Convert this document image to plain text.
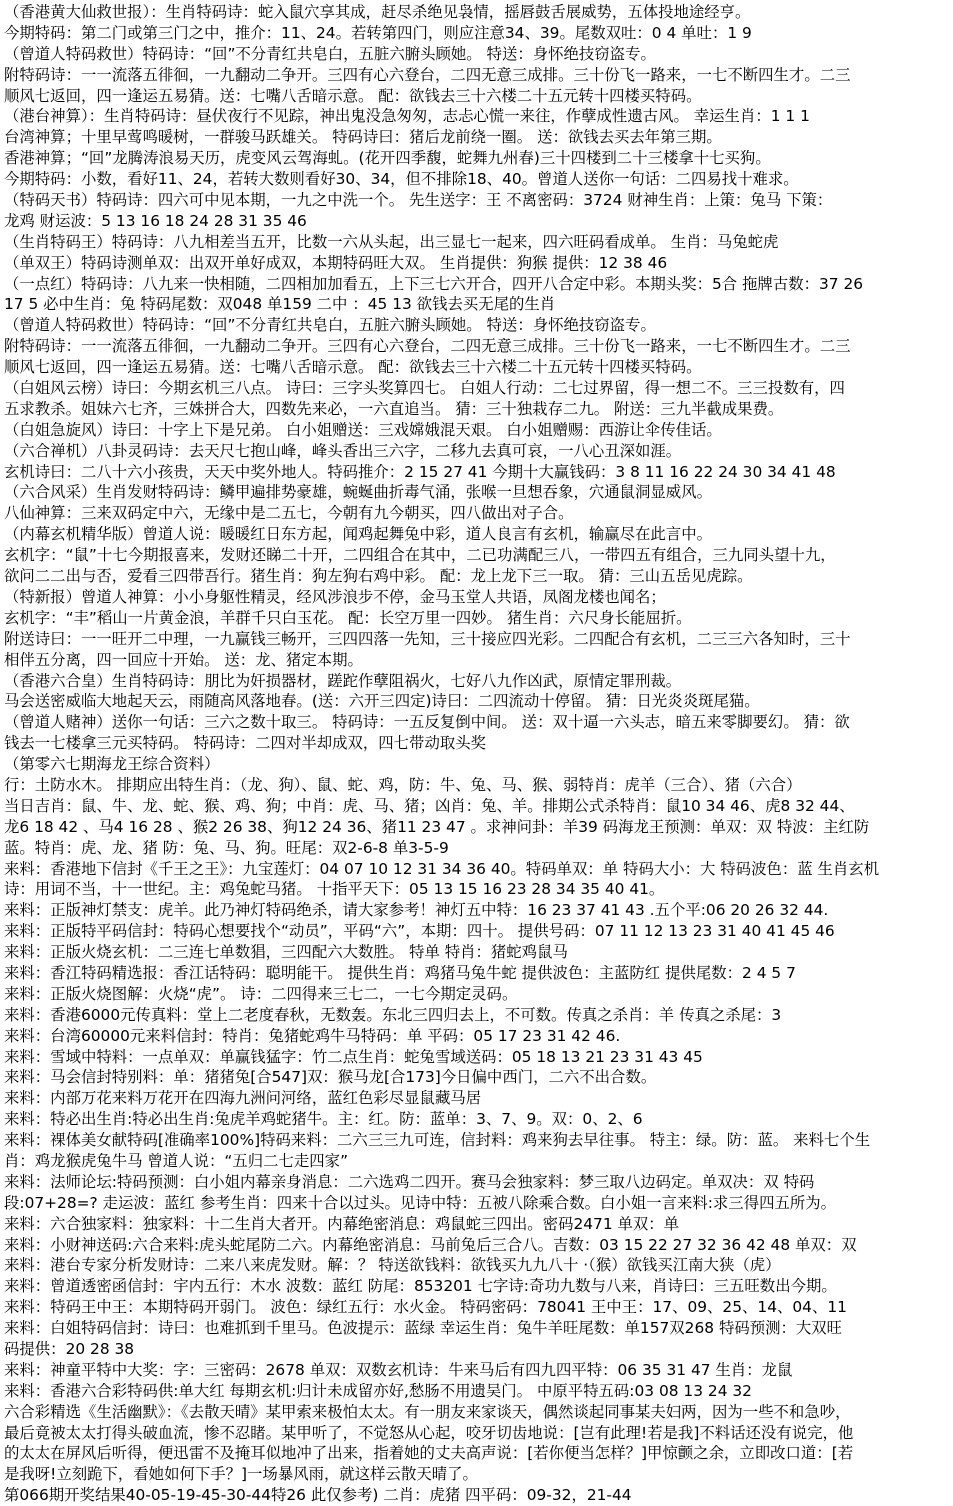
（香港黄大仙救世报）：生肖特码诗：蛇入鼠穴享其成，赶尽杀绝见袅情，摇唇鼓舌展威势，五体投地途经亨。
今期特码：第二门或第三门之中，推介：11、24。若转第四门，则应注意34、39。尾数双吐：0 4 单吐：1 9
（曾道人特码救世）特码诗：“回”不分青红共皂白，五脏六腑头顾她。 特送：身怀绝技窃盗专。
附特码诗：一一流落五徘徊，一九翻动二争开。三四有心六登台，二四无意三成排。三十份飞一路来，一七不断四生才。二三
顺风七返回，四一逢运五易猜。送：七嘴八舌暗示意。 配：欲钱去三十六楼二十五元转十四楼买特码。
（港台神算）：生肖特码诗：昼伏夜行不见踪，神出鬼没急匆匆，志忐心慌一来往，作孽成性遗古风。 幸运生肖：1 1 1
台湾神算；十里早莺鸣暖树，一群骏马跃雄关。 特码诗曰：猪后龙前绕一圈。 送：欲钱去买去年第三期。
香港神算；“回”龙腾涛浪易天历，虎变风云驾海虬。(花开四季馥，蛇舞九州春)三十四楼到二十三楼拿十七买狗。
今期特码：小数，看好11、24，若转大数则看好30、34，但不排除18、40。曾道人送你一句话：二四易找十难求。
（特码天书）特码诗：四六可中见本期，一九之中洗一个。 先生送字：王 不离密码：3724 财神生肖：上策：兔马 下策：
龙鸡 财运波：5 13 16 18 24 28 31 35 46
（生肖特码王）特码诗：八九相差当五开，比数一六从头起，出三显七一起来，四六旺码看成单。 生肖：马兔蛇虎
（单双王）特码诗测单双：出双开单好成双，本期特码旺大双。 生肖提供：狗猴 提供：12 38 46
（一点红）特码诗：八九来一快相随，二四相加加看五，上下三七六开合，四开八合定中彩。本期头奖：5合 拖牌古数：37 26
17 5 必中生肖：兔 特码尾数：双048 单159 二中 ：45 13 欲钱去买无尾的生肖
（曾道人特码救世）特码诗：“回”不分青红共皂白，五脏六腑头顾她。 特送：身怀绝技窃盗专。
附特码诗：一一流落五徘徊，一九翻动二争开。三四有心六登台，二四无意三成排。三十份飞一路来，一七不断四生才。二三
顺风七返回，四一逢运五易猜。送：七嘴八舌暗示意。 配：欲钱去三十六楼二十五元转十四楼买特码。
（白姐风云榜）诗曰：今期玄机三八点。 诗曰：三字头奖算四七。 白姐人行动：二七过界留，得一想二不。三三投数有，四
五求教杀。姐妹六七齐，三姝拼合大，四数先来必，一六直追当。 猜：三十独栽存二九。 附送：三九半截成果费。
（白姐急旋风）诗曰：十字上下是兄弟。 白小姐赠送：三戏嫦娥混天艰。 白小姐赠赐：西游让伞传佳话。
（六合禅机）八卦灵码诗：去天尺七抱山峰，峰头香出三六字，二移九去真可哀，一八心丑深如涯。
玄机诗曰：二八十六小孩贵，天天中奖外地人。特码推介：2 15 27 41 今期十大赢钱码：3 8 11 16 22 24 30 34 41 48
（六合风采）生肖发财特码诗：鳞甲遍排势豪雄，蜿蜒曲折毒气涌，张喉一旦想吞象，穴通鼠洞显威风。
八仙神算：三来双码定中六，无缘中是二五七，今朝有九今朝买，四八做出对子合。
（内幕玄机精华版）曾道人说：暖暖红日东方起，闻鸡起舞兔中彩，道人良言有玄机，输赢尽在此言中。
玄机字：“鼠”十七今期报喜来，发财还睇二十开，二四组合在其中，二已功满配三八，一带四五有组合，三九同头望十九，
欲问二二出与否，爱看三四带吾行。猪生肖：狗左狗右鸡中彩。 配：龙上龙下三一取。 猜：三山五岳见虎踪。
（特新报）曾道人神算：小小身躯性精灵，经风涉浪步不停，金马玉堂人共语，凤阁龙楼也闻名；
玄机字：“丰”稻山一片黄金浪，羊群千只白玉花。 配：长空万里一四妙。 猪生肖：六尺身长能屈折。
附送诗曰：一一旺开二中理，一九赢钱三畅开，三四四落一先知，三十接应四光彩。二四配合有玄机，二三三六各知时，三十
相伴五分离，四一回应十开始。 送：龙、猪定本期。
（香港六合皇）生肖特码诗：朋比为奸损器材，蹉跎作孽阻祸火，七好八九作凶武，原情定罪刑裁。
马会送密威临大地起天云，雨随高风落地春。(送：六开三四定)诗曰：二四流动十停留。 猜：日光炎炎斑尾猫。
（曾道人赌神）送你一句话：三六之数十取三。 特码诗：一五反复倒中间。 送：双十逼一六头志，暗五来零脚要幻。 猜：欲
钱去一七楼拿三元买特码。 特码诗：二四对半却成双，四七带动取头奖
（第零六七期海龙王综合资料）
行：土防水木。 排期应出特生肖：（龙、狗）、鼠、蛇、鸡，防：牛、兔、马、猴、弱特肖：虎羊（三合）、猪（六合）
当日吉肖：鼠、牛、龙、蛇、猴、鸡、狗；中肖：虎、马、猪；凶肖：兔、羊。排期公式杀特肖：鼠10 34 46、虎8 32 44、
龙6 18 42 、马4 16 28 、猴2 26 38、狗12 24 36、猪11 23 47 。求神问卦：羊39 码海龙王预测：单双：双 特波：主红防
蓝。特肖：虎、龙、猪 防：兔、马、狗。旺尾：双2-6-8 单3-5-9
来料：香港地下信封《千王之王》：九宝莲灯：04 07 10 12 31 34 36 40。特码单双：单 特码大小：大 特码波色：蓝 生肖玄机
诗：用词不当，十一世纪。主：鸡兔蛇马猪。 十指平天下：05 13 15 16 23 28 34 35 40 41。
来料：正版神灯禁支：虎羊。此乃神灯特码绝杀，请大家参考！神灯五中特：16 23 37 41 43 .五个平:06 20 26 32 44.
来料：正版特平码信封：特码心想要找个“动员”，平码“六”，本期：四十。 提供号码：07 11 12 13 23 31 40 41 45 46
来料：正版火烧玄机：二三连七单数猖，三四配六大数胜。 特单 特肖：猪蛇鸡鼠马
来料：香江特码精选报：香江话特码：聪明能干。 提供生肖：鸡猪马兔牛蛇 提供波色：主蓝防红 提供尾数：2 4 5 7
来料：正版火烧图解：火烧“虎”。 诗：二四得来三七二，一七今期定灵码。
来料：香港6000元传真料：堂上二老度春秋，无数轰。东北三四归去上，不可数。传真之杀肖：羊 传真之杀尾：3
来料：台湾60000元来料信封：特肖：兔猪蛇鸡牛马特码：单 平码：05 17 23 31 42 46.
来料：雪域中特料：一点单双：单赢钱猛字：竹二点生肖：蛇兔雪域送码：05 18 13 21 23 31 43 45
来料：马会信封特别料：单：猪猪兔[合547]双：猴马龙[合173]今日偏中西门，二六不出合数。
来料：内部万花来料万花开在四海九洲问河络，蓝红色彩尽显鼠藏马居
来料：特必出生肖:特必出生肖:兔虎羊鸡蛇猪牛。主：红。防：蓝单：3、7、9。双：0、2、6
来料：裸体美女献特码[准确率100%]特码来料：二六三三九可连，信封料：鸡来狗去早往事。 特主：绿。防：蓝。 来料七个生
肖：鸡龙猴虎兔牛马 曾道人说：“五归二七走四家”
来料：法师论坛:特码预测：白小姐内幕亲身消息：二六选鸡二四开。赛马会独家料：梦三取八边码定。单双决：双 特码
段:07+28=? 走运波：蓝红 参考生肖：四来十合以过头。见诗中特：五被八除乘合数。白小姐一言来料:求三得四五所为。
来料：六合独家料：独家料：十二生肖大者开。内幕绝密消息：鸡鼠蛇三四出。密码2471 单双：单
来料：小财神送码:六合来料:虎头蛇尾防二六。内幕绝密消息：马前兔后三合八。吉数：03 15 22 27 32 36 42 48 单双：双
来料：港台专家分析发财诗：二来八来虎发财。解：？ 特送欲钱料：欲钱买九九八十 ·（猴）欲钱买江南大狭（虎）
来料：曾道透密函信封：宇内五行：木水 波数：蓝红 防尾：853201 七字诗:奇功九数与八来，肖诗曰：三五旺数出今期。
来料：特码王中王：本期特码开弱门。 波色：绿红五行：水火金。 特码密码：78041 王中王：17、09、25、14、04、11
来料：白姐特码信封：诗曰：也难抓到千里马。色波提示：蓝绿 幸运生肖：兔牛羊旺尾数：单157双268 特码预测：大双旺
码提供：20 28 38
来料：神童平特中大奖：字：三密码：2678 单双：双数玄机诗：牛来马后有四九四平特：06 35 31 47 生肖：龙鼠
来料：香港六合彩特码供:单大红 每期玄机:归计未成留亦好,愁肠不用遗吴门。 中原平特五码:03 08 13 24 32
六合彩精选《生活幽默》：《去散天晴》某甲索来极怕太太。有一朋友来家谈天，偶然谈起同事某夫妇两，因为一些不和急吵，
最后竟被太太打得头破血流，惨不忍睹。某甲听了，不觉怒从心起，咬牙切齿地说：[岂有此理!若是我]不料话还没有说完，他
的太太在屏风后听得，便迅雷不及掩耳似地冲了出来，指着她的丈夫高声说：[若你便当怎样？]甲惊颤之余，立即改口道：[若
是我呀!立刻跪下，看她如何下手？]一场暴风雨，就这样云散天晴了。
第066期开奖结果40-05-19-45-30-44特26 此仅参考) 二肖：虎猪 四平码：09-32，21-44
